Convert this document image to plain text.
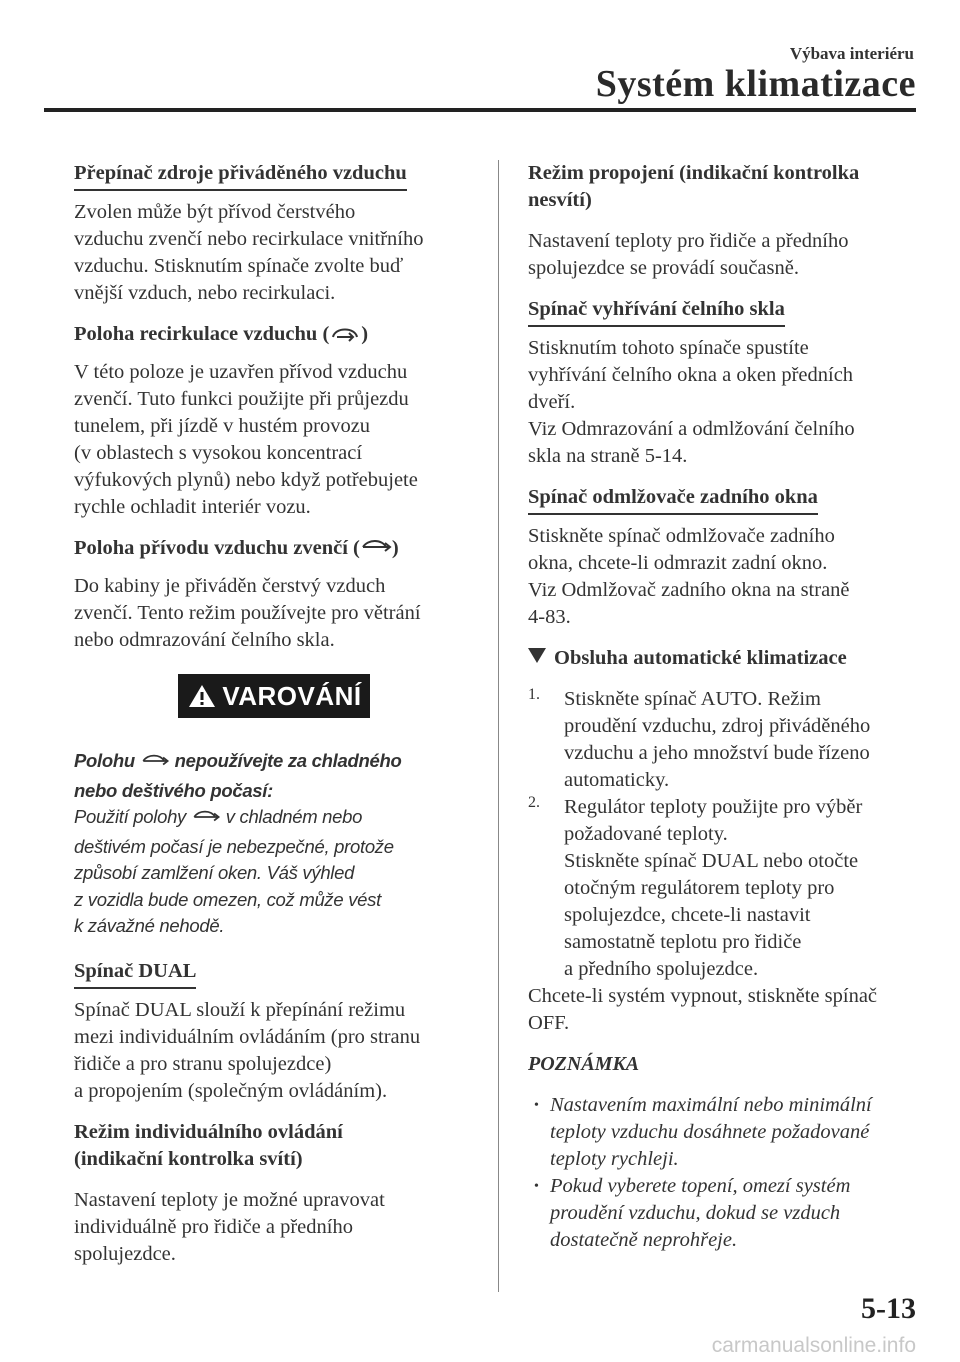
Výbava interiéru
Systém klimatizace
Přepínač zdroje přiváděného vzduchu

Zvolen může být přívod čerstvého

vzduchu zvenčí nebo recirkulace vnitřního

vzduchu. Stisknutím spínače zvolte buď

vnější vzduch, nebo recirkulaci.

Poloha recirkulace vzduchu ( )

V této poloze je uzavřen přívod vzduchu

zvenčí. Tuto funkci použijte při průjezdu

tunelem, při jízdě v hustém provozu

(v oblastech s vysokou koncentrací

výfukových plynů) nebo když potřebujete

rychle ochladit interiér vozu.

Poloha přívodu vzduchu zvenčí ( )

Do kabiny je přiváděn čerstvý vzduch

zvenčí. Tento režim používejte pro větrání

nebo odmrazování čelního skla.

VAROVÁNÍ
Polohu  nepoužívejte za chladného
nebo deštivého počasí:
Použití polohy  v chladném nebo
deštivém počasí je nebezpečné, protože
způsobí zamlžení oken. Váš výhled
z vozidla bude omezen, což může vést
k závažné nehodě.
Spínač DUAL

Spínač DUAL slouží k přepínání režimu

mezi individuálním ovládáním (pro stranu

řidiče a pro stranu spolujezdce)

a propojením (společným ovládáním).

Režim individuálního ovládání

(indikační kontrolka svítí)

Nastavení teploty je možné upravovat

individuálně pro řidiče a předního

spolujezdce.

Režim propojení (indikační kontrolka

nesvítí)

Nastavení teploty pro řidiče a předního

spolujezdce se provádí současně.

Spínač vyhřívání čelního skla

Stisknutím tohoto spínače spustíte

vyhřívání čelního okna a oken předních

dveří.

Viz Odmrazování a odmlžování čelního

skla na straně 5-14.

Spínač odmlžovače zadního okna

Stiskněte spínač odmlžovače zadního

okna, chcete-li odmrazit zadní okno.

Viz Odmlžovač zadního okna na straně

4-83.

Obsluha automatické klimatizace

1. Stiskněte spínač AUTO. Režim

proudění vzduchu, zdroj přiváděného

vzduchu a jeho množství bude řízeno

automaticky.

2. Regulátor teploty použijte pro výběr

požadované teploty.

Stiskněte spínač DUAL nebo otočte

otočným regulátorem teploty pro

spolujezdce, chcete-li nastavit

samostatně teplotu pro řidiče

a předního spolujezdce.

Chcete-li systém vypnout, stiskněte spínač

OFF.

POZNÁMKA

• Nastavením maximální nebo minimální

teploty vzduchu dosáhnete požadované

teploty rychleji.

• Pokud vyberete topení, omezí systém

proudění vzduchu, dokud se vzduch

dostatečně neprohřeje.

5-13
carmanualsonline.info
